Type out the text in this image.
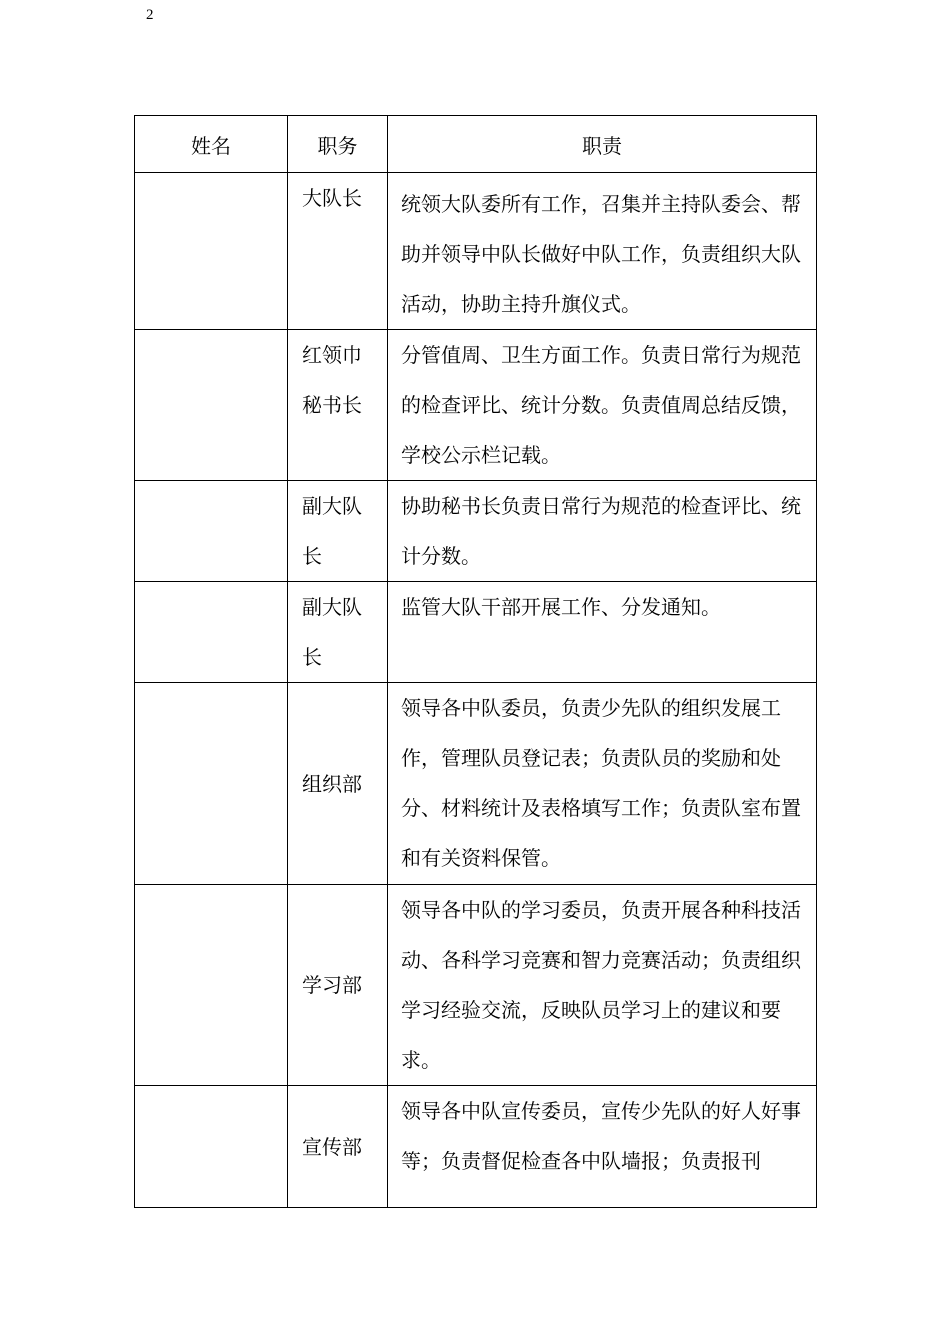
2
姓名	职务	职责
	大队长	统领大队委所有工作，召集并主持队委会、帮助并领导中队长做好中队工作，负责组织大队活动，协助主持升旗仪式。

	红领巾秘书长	分管值周、卫生方面工作。负责日常行为规范的检查评比、统计分数。负责值周总结反馈，学校公示栏记载。

	副大队长	协助秘书长负责日常行为规范的检查评比、统计分数。

	副大队长	监管大队干部开展工作、分发通知。
	组织部	领导各中队委员，负责少先队的组织发展工作，管理队员登记表；负责队员的奖励和处分、材料统计及表格填写工作；负责队室布置和有关资料保管。
	学习部	领导各中队的学习委员，负责开展各种科技活动、各科学习竞赛和智力竞赛活动；负责组织学习经验交流，反映队员学习上的建议和要求。
	宣传部	领导各中队宣传委员，宣传少先队的好人好事等；负责督促检查各中队墙报；负责报刊
